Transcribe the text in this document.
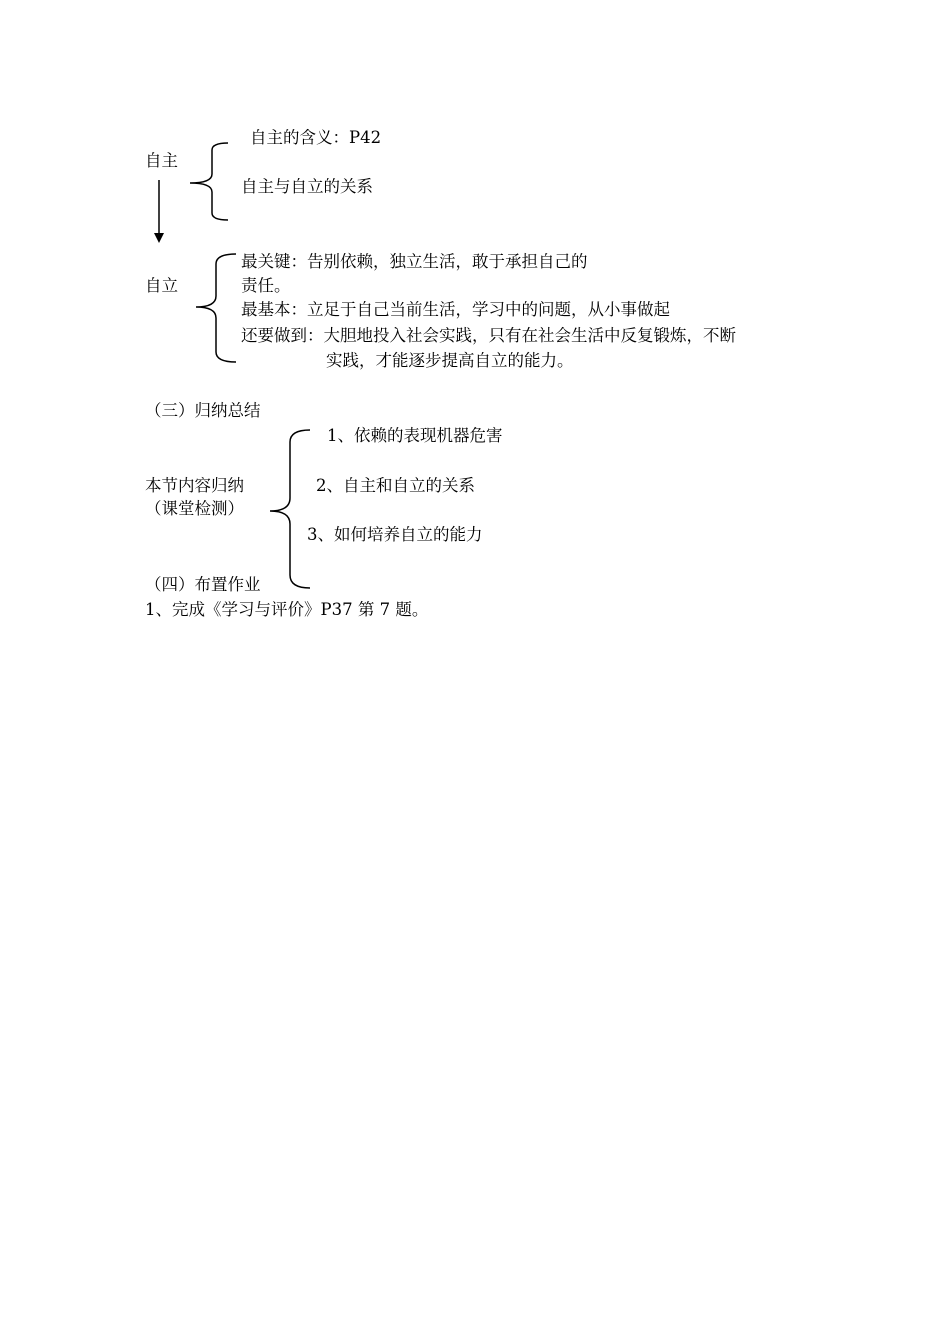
自主
自主的含义：P42
自主与自立的关系
自立
最关键：告别依赖，独立生活，敢于承担自己的
责任。
最基本：立足于自己当前生活，学习中的问题，从小事做起
还要做到：大胆地投入社会实践，只有在社会生活中反复锻炼，不断
实践，才能逐步提高自立的能力。
（三）归纳总结
本节内容归纳
（课堂检测）
1、依赖的表现机器危害
2、自主和自立的关系
3、如何培养自立的能力
（四）布置作业
1、完成《学习与评价》P37 第 7 题。
